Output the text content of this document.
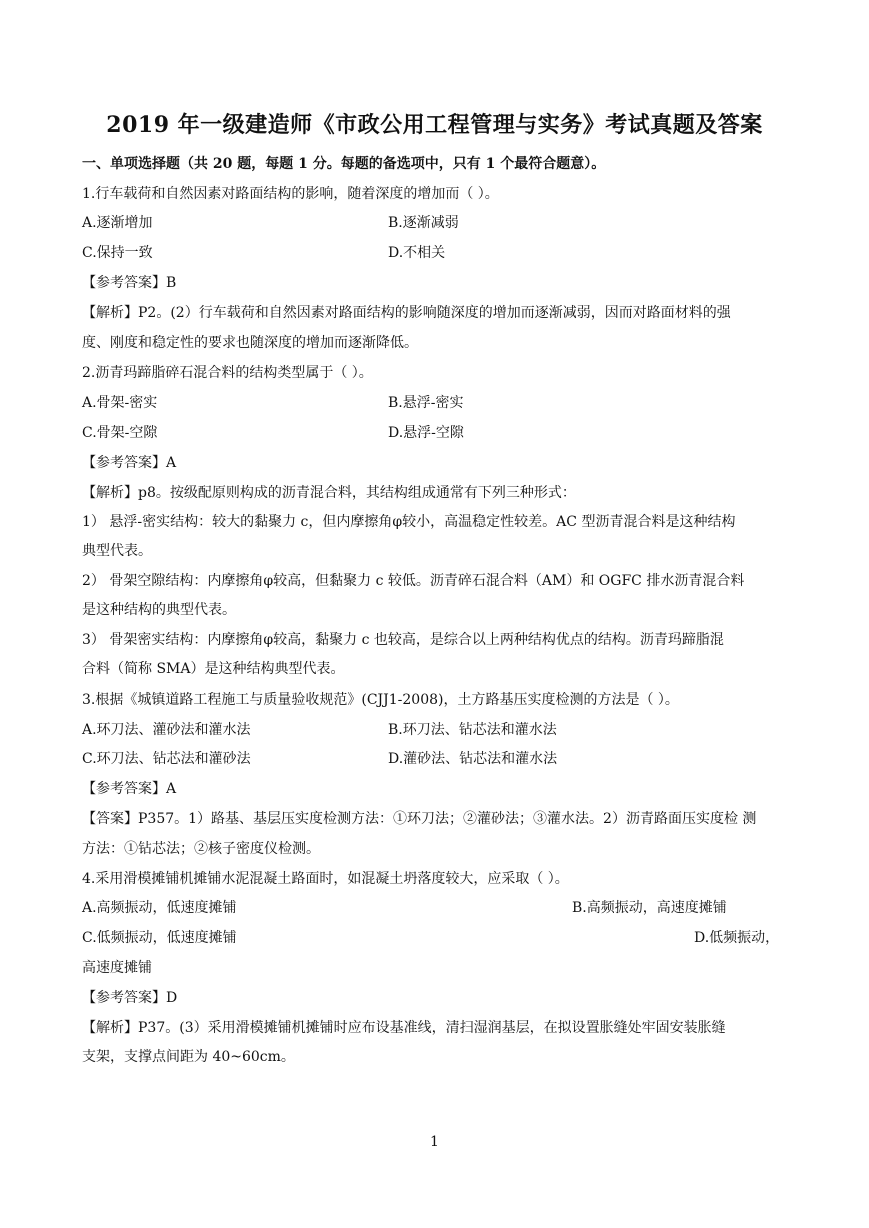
2019 年一级建造师《市政公用工程管理与实务》考试真题及答案
一、单项选择题（共 20 题，每题 1 分。每题的备选项中，只有 1 个最符合题意）。
1.行车载荷和自然因素对路面结构的影响，随着深度的增加而（ ）。
A.逐渐增加	B.逐渐减弱
C.保持一致	D.不相关
【参考答案】B
【解析】P2。(2）行车载荷和自然因素对路面结构的影响随深度的增加而逐渐减弱，因而对路面材料的强
度、刚度和稳定性的要求也随深度的增加而逐渐降低。
2.沥青玛蹄脂碎石混合料的结构类型属于（ ）。
A.骨架-密实	B.悬浮-密实
C.骨架-空隙	D.悬浮-空隙
【参考答案】A
【解析】p8。按级配原则构成的沥青混合料，其结构组成通常有下列三种形式：
1） 悬浮-密实结构：较大的黏聚力 c，但内摩擦角φ较小，高温稳定性较差。AC 型沥青混合料是这种结构
典型代表。
2） 骨架空隙结构：内摩擦角φ较高，但黏聚力 c 较低。沥青碎石混合料（AM）和 OGFC 排水沥青混合料
是这种结构的典型代表。
3） 骨架密实结构：内摩擦角φ较高，黏聚力 c 也较高，是综合以上两种结构优点的结构。沥青玛蹄脂混
合料（简称 SMA）是这种结构典型代表。
3.根据《城镇道路工程施工与质量验收规范》(CJJ1-2008)，土方路基压实度检测的方法是（ ）。
A.环刀法、灌砂法和灌水法	B.环刀法、钻芯法和灌水法
C.环刀法、钻芯法和灌砂法	D.灌砂法、钻芯法和灌水法
【参考答案】A
【答案】P357。1）路基、基层压实度检测方法：①环刀法；②灌砂法；③灌水法。2）沥青路面压实度检 测
方法：①钻芯法；②核子密度仪检测。
4.采用滑模摊铺机摊铺水泥混凝土路面时，如混凝土坍落度较大，应采取（ ）。
A.高频振动，低速度摊铺	B.高频振动，高速度摊铺
C.低频振动，低速度摊铺	D.低频振动，
高速度摊铺
【参考答案】D
【解析】P37。(3）采用滑模摊铺机摊铺时应布设基准线，清扫湿润基层，在拟设置胀缝处牢固安装胀缝
支架，支撑点间距为 40~60cm。
1
